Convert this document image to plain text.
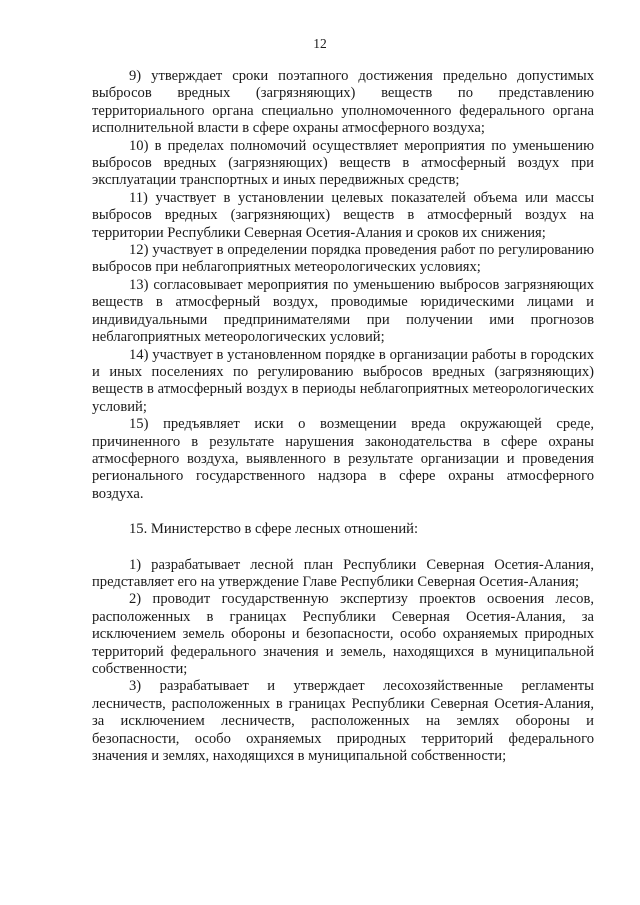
12

9) утверждает сроки поэтапного достижения предельно допустимых выбросов вредных (загрязняющих) веществ по представлению территориального органа специально уполномоченного федерального органа исполнительной власти в сфере охраны атмосферного воздуха;

10) в пределах полномочий осуществляет мероприятия по уменьшению выбросов вредных (загрязняющих) веществ в атмосферный воздух при эксплуатации транспортных и иных передвижных средств;

11) участвует в установлении целевых показателей объема или массы выбросов вредных (загрязняющих) веществ в атмосферный воздух на территории Республики Северная Осетия-Алания и сроков их снижения;

12) участвует в определении порядка проведения работ по регулированию выбросов при неблагоприятных метеорологических условиях;

13) согласовывает мероприятия по уменьшению выбросов загрязняющих веществ в атмосферный воздух, проводимые юридическими лицами и индивидуальными предпринимателями при получении ими прогнозов неблагоприятных метеорологических условий;

14) участвует в установленном порядке в организации работы в городских и иных поселениях по регулированию выбросов вредных (загрязняющих) веществ в атмосферный воздух в периоды неблагоприятных метеорологических условий;

15) предъявляет иски о возмещении вреда окружающей среде, причиненного в результате нарушения законодательства в сфере охраны атмосферного воздуха, выявленного в результате организации и проведения регионального государственного надзора в сфере охраны атмосферного воздуха.

15. Министерство в сфере лесных отношений:

1) разрабатывает лесной план Республики Северная Осетия-Алания, представляет его на утверждение Главе Республики Северная Осетия-Алания;

2) проводит государственную экспертизу проектов освоения лесов, расположенных в границах Республики Северная Осетия-Алания, за исключением земель обороны и безопасности, особо охраняемых природных территорий федерального значения и земель, находящихся в муниципальной собственности;

3) разрабатывает и утверждает лесохозяйственные регламенты лесничеств, расположенных в границах Республики Северная Осетия-Алания, за исключением лесничеств, расположенных на землях обороны и безопасности, особо охраняемых природных территорий федерального значения и землях, находящихся в муниципальной собственности;
